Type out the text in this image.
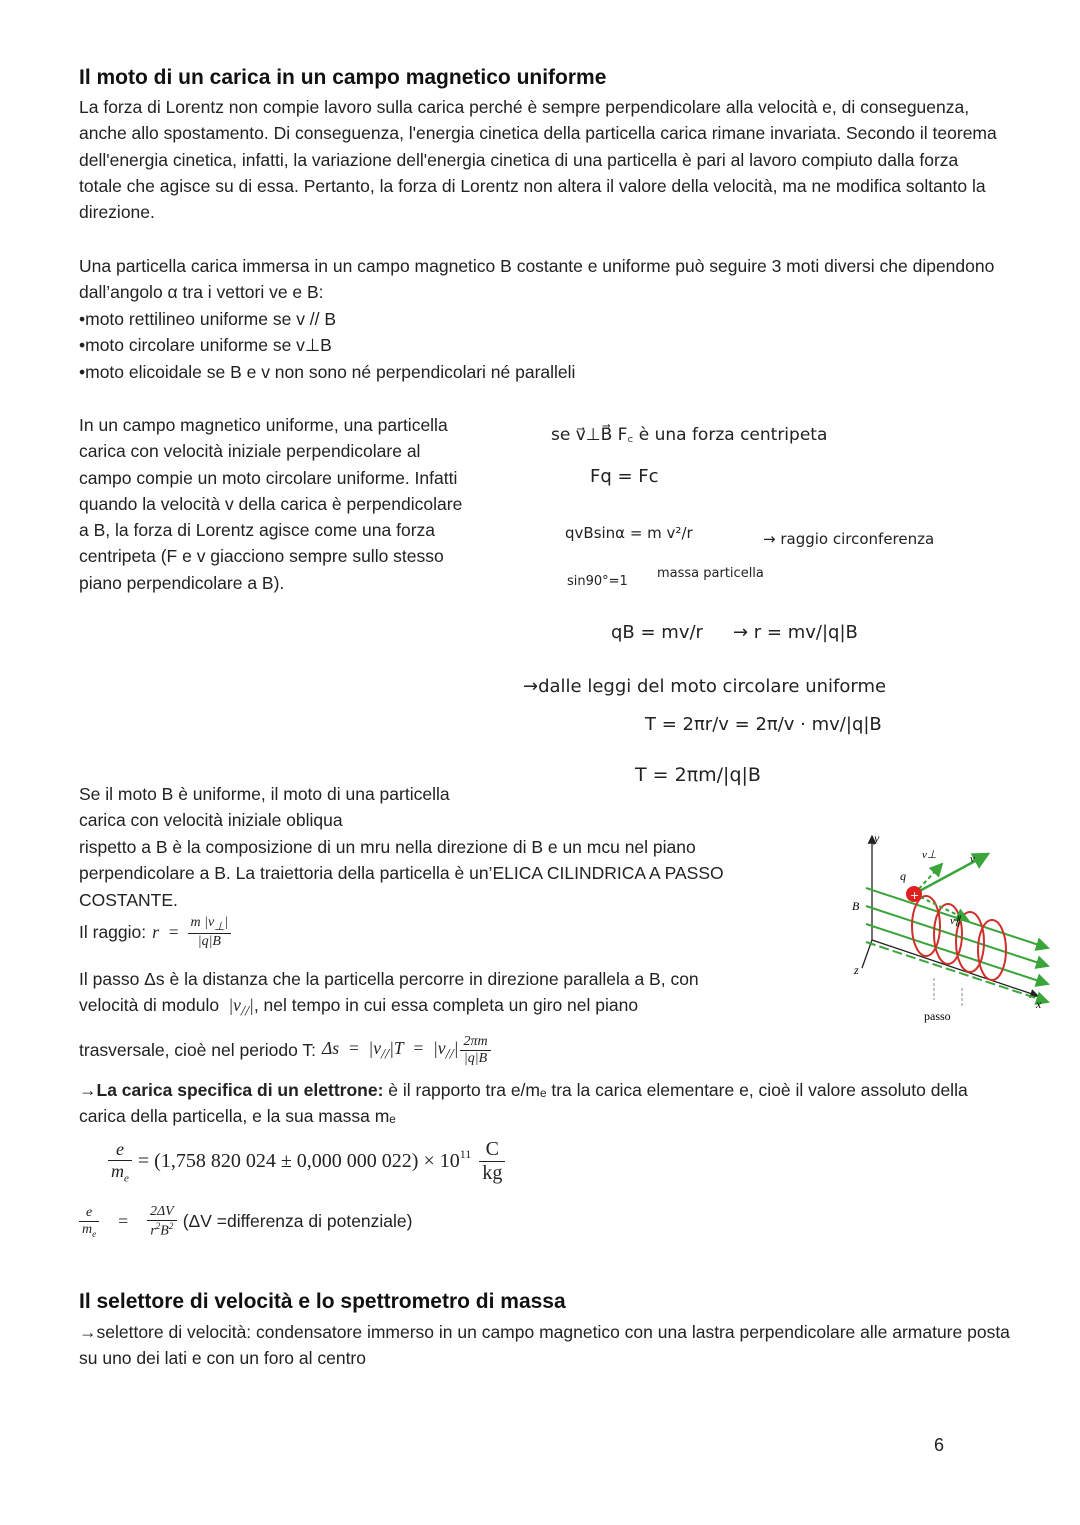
Il moto di un carica in un campo magnetico uniforme

La forza di Lorentz non compie lavoro sulla carica perché è sempre perpendicolare alla velocità e, di conseguenza, anche allo spostamento. Di conseguenza, l'energia cinetica della particella carica rimane invariata. Secondo il teorema dell'energia cinetica, infatti, la variazione dell'energia cinetica di una particella è pari al lavoro compiuto dalla forza totale che agisce su di essa. Pertanto, la forza di Lorentz non altera il valore della velocità, ma ne modifica soltanto la direzione.

Una particella carica immersa in un campo magnetico B costante e uniforme può seguire 3 moti diversi che dipendono dall’angolo α tra i vettori ve e B:

•moto rettilineo uniforme se v // B
•moto circolare uniforme se v⊥B
•moto elicoidale se B e v non sono né perpendicolari né paralleli

In un campo magnetico uniforme, una particella carica con velocità iniziale perpendicolare al campo compie un moto circolare uniforme. Infatti quando la velocità v della carica è perpendicolare a B, la forza di Lorentz agisce come una forza centripeta (F e v giacciono sempre sullo stesso piano perpendicolare a B).

se v⃗⊥B⃗ F꜀ è una forza centripeta
Fq = Fc
qvBsinα = m v²/r	→ raggio circonferenza
sin90°=1
massa particella
qB = mv/r → r = mv/|q|B
→dalle leggi del moto circolare uniforme
T = 2πr/v = 2π/v · mv/|q|B
T = 2πm/|q|B

Se il moto B è uniforme, il moto di una particella carica con velocità iniziale obliqua

rispetto a B è la composizione di un mru nella direzione di B e un mcu nel piano perpendicolare a B. La traiettoria della particella è un’ELICA CILINDRICA A PASSO COSTANTE.

Il raggio: $r = \frac{m |v_\perp|}{|q|B}$

Il passo Δs è la distanza che la particella percorre in direzione parallela a B, con

velocità di modulo  $|v_{//}|$, nel tempo in cui essa completa un giro nel piano
trasversale, cioè nel periodo T: $\Delta s = |v_{//}|T = |v_{//}| \frac{2\pi m}{|q|B}$
+
y
x
z
B
q
v⊥	v
v∥
passo

→La carica specifica di un elettrone: è il rapporto tra e/mₑ tra la carica elementare e, cioè il valore assoluto della carica della particella, e la sua massa mₑ

$\frac{e}{m_e} = (1,758$ 820 024 ± 0,000 000 $022) \times 10^{11} \frac{C}{kg}$
$\frac{e}{m_e} = \frac{2\Delta V}{r^2B^2} (\Delta V$ =differenza di potenziale)
Il selettore di velocità e lo spettrometro di massa

→selettore di velocità: condensatore immerso in un campo magnetico con una lastra perpendicolare alle armature posta su uno dei lati e con un foro al centro

6
